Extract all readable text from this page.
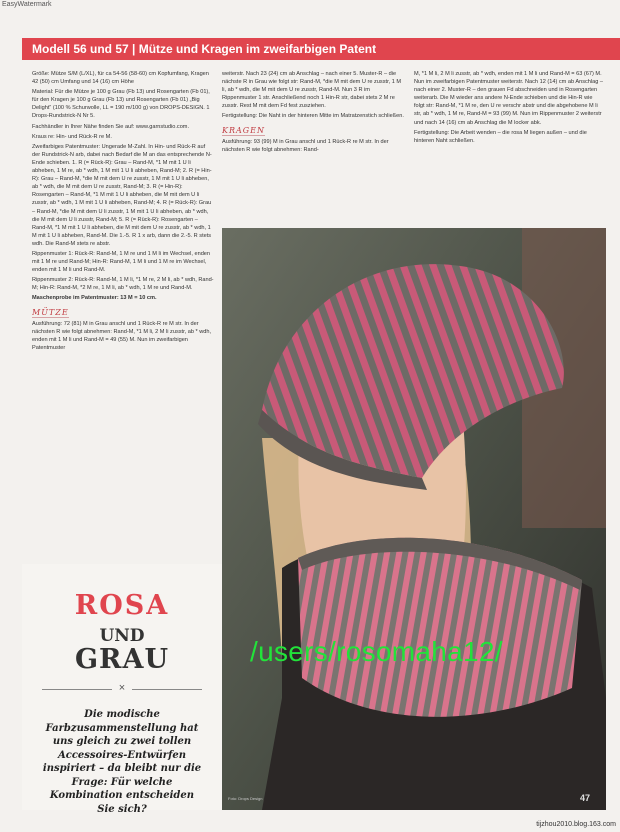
EasyWatermark
Modell 56 und 57 | Mütze und Kragen im zweifarbigen Patent

Größe: Mütze S/M (L/XL), für ca 54-56 (58-60) cm Kopfumfang, Kragen 42 (50) cm Umfang und 14 (16) cm Höhe

Material: Für die Mütze je 100 g Grau (Fb 13) und Rosengarten (Fb 01), für den Kragen je 100 g Grau (Fb 13) und Rosengarten (Fb 01) „Big Delight“ (100 % Schurwolle, LL = 190 m/100 g) von DROPS-DESIGN. 1 Drops-Rundstrick-N Nr 5.

Fachhändler in Ihrer Nähe finden Sie auf: www.garnstudio.com.

Kraus re: Hin- und Rück-R re M.

Zweifarbiges Patentmuster: Ungerade M-Zahl. In Hin- und Rück-R auf der Rundstrick-N arb, dabei nach Bedarf die M an das entsprechende N-Ende schieben. 1. R (= Rück-R): Grau – Rand-M, *1 M mit 1 U li abheben, 1 M re, ab * wdh, 1 M mit 1 U li abheben, Rand-M; 2. R (= Hin-R): Grau – Rand-M, *die M mit dem U re zusstr, 1 M mit 1 U li abheben, ab * wdh, die M mit dem U re zusstr, Rand-M; 3. R (= Hin-R): Rosengarten – Rand-M, *1 M mit 1 U li abheben, die M mit dem U li zusstr, ab * wdh, 1 M mit 1 U li abheben, Rand-M; 4. R (= Rück-R): Grau – Rand-M, *die M mit dem U li zusstr, 1 M mit 1 U li abheben, ab * wdh, die M mit dem U li zusstr, Rand-M; 5. R (= Rück-R): Rosengarten – Rand-M, *1 M mit 1 U li abheben, die M mit dem U re zusstr, ab * wdh, 1 M mit 1 U li abheben, Rand-M. Die 1.-5. R 1 x arb, dann die 2.-5. R stets wdh. Die Rand-M stets re abstr.

Rippenmuster 1: Rück-R: Rand-M, 1 M re und 1 M li im Wechsel, enden mit 1 M re und Rand-M; Hin-R: Rand-M, 1 M li und 1 M re im Wechsel, enden mit 1 M li und Rand-M.

Rippenmuster 2: Rück-R: Rand-M, 1 M li, *1 M re, 2 M li, ab * wdh, Rand-M; Hin-R: Rand-M, *2 M re, 1 M li, ab * wdh, 1 M re und Rand-M.

Maschenprobe im Patentmuster: 13 M = 10 cm.

MÜTZE

Ausführung: 72 (81) M in Grau anschl und 1 Rück-R re M str. In der nächsten R wie folgt abnehmen: Rand-M, *1 M li, 2 M li zusstr, ab * wdh, enden mit 1 M li und Rand-M = 49 (55) M. Nun im zweifarbigen Patentmuster

weiterstr. Nach 23 (24) cm ab Anschlag – nach einer 5. Muster-R – die nächste R in Grau wie folgt str: Rand-M, *die M mit dem U re zusstr, 1 M li, ab * wdh, die M mit dem U re zusstr, Rand-M. Nun 3 R im Rippenmuster 1 str. Anschließend noch 1 Hin-R str, dabei stets 2 M re zusstr. Rest M mit dem Fd fest zusziehen.

Fertigstellung: Die Naht in der hinteren Mitte im Matratzenstich schließen.

KRAGEN

Ausführung: 93 (99) M in Grau anschl und 1 Rück-R re M str. In der nächsten R wie folgt abnehmen: Rand-

M, *1 M li, 2 M li zusstr, ab * wdh, enden mit 1 M li und Rand-M = 63 (67) M. Nun im zweifarbigen Patentmuster weiterstr. Nach 12 (14) cm ab Anschlag – nach einer 2. Muster-R – den grauen Fd abschneiden und in Rosengarten weiterarb. Die M wieder ans andere N-Ende schieben und die Hin-R wie folgt str: Rand-M, *1 M re, den U re verschr abstr und die abgehobene M li str, ab * wdh, 1 M re, Rand-M = 93 (99) M. Nun im Rippenmuster 2 weiterstr und nach 14 (16) cm ab Anschlag die M locker abk.

Fertigstellung: Die Arbeit wenden – die rosa M liegen außen – und die hinteren Naht schließen.

ROSA
UND
GRAU
×
Die modische Farbzusammenstellung hat uns gleich zu zwei tollen Accessoires-Entwürfen inspiriert – da bleibt nur die Frage: Für welche Kombination entscheiden Sie sich?
/users/rosomaha12/
Foto: Drops Design	47
tijzhou2010.blog.163.com
